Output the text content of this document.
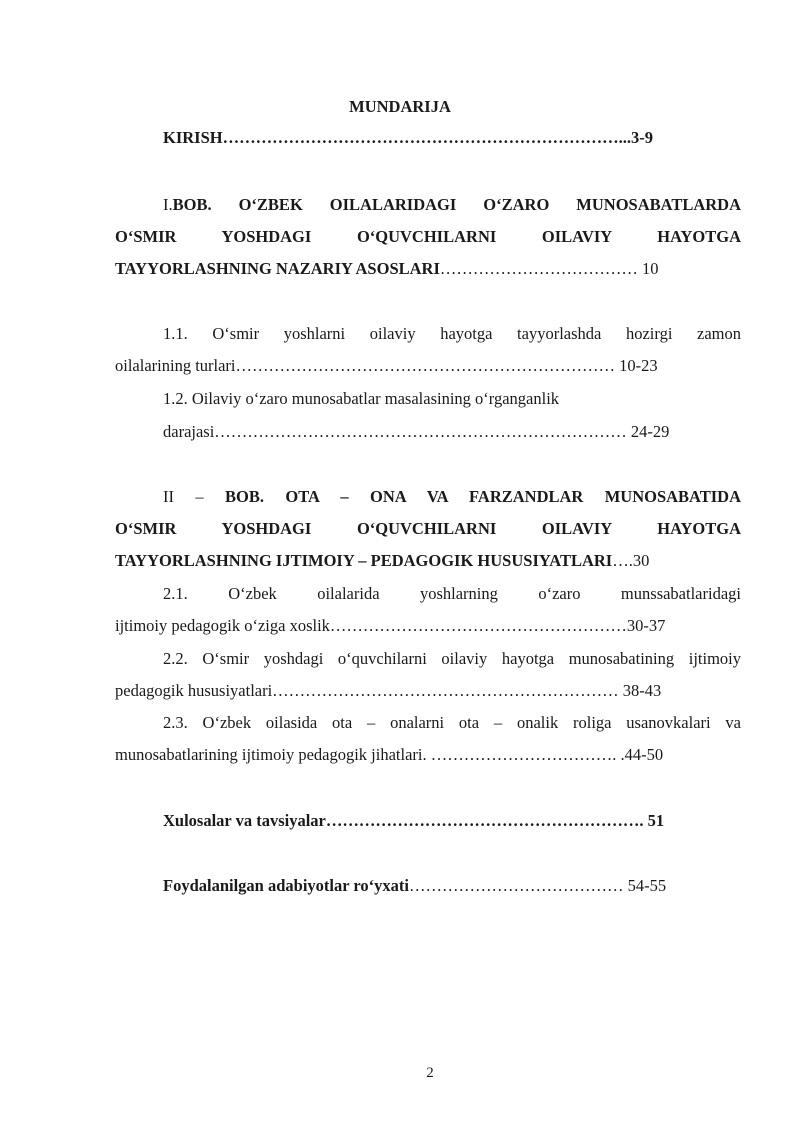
MUNDARIJA
KIRISH………………………………………………………………...3-9
I.BOB. O‘ZBEK OILALARIDAGI O‘ZARO MUNOSABATLARDA
O‘SMIR YOSHDAGI O‘QUVCHILARNI OILAVIY HAYOTGA
TAYYORLASHNING NAZARIY ASOSLARI……………………………… 10
1.1. O‘smir yoshlarni oilaviy hayotga tayyorlashda hozirgi zamon
oilalarining turlari…………………………………………………………… 10-23
1.2. Oilaviy o‘zaro munosabatlar masalasining o‘rganganlik
darajasi………………………………………………………………… 24-29
II – BOB. OTA – ONA VA FARZANDLAR MUNOSABATIDA
O‘SMIR YOSHDAGI O‘QUVCHILARNI OILAVIY HAYOTGA
TAYYORLASHNING IJTIMOIY – PEDAGOGIK HUSUSIYATLARI….30
2.1. O‘zbek oilalarida yoshlarning o‘zaro munssabatlaridagi
ijtimoiy pedagogik o‘ziga xoslik………………………………………………30-37
2.2. O‘smir yoshdagi o‘quvchilarni oilaviy hayotga munosabatining ijtimoiy
pedagogik hususiyatlari……………………………………………………… 38-43
2.3. O‘zbek oilasida ota – onalarni ota – onalik roliga usanovkalari va
munosabatlarining ijtimoiy pedagogik jihatlari. ……………………………. .44-50
Xulosalar va tavsiyalar…………………………………………………. 51
Foydalanilgan adabiyotlar ro‘yxati………………………………… 54-55
2
